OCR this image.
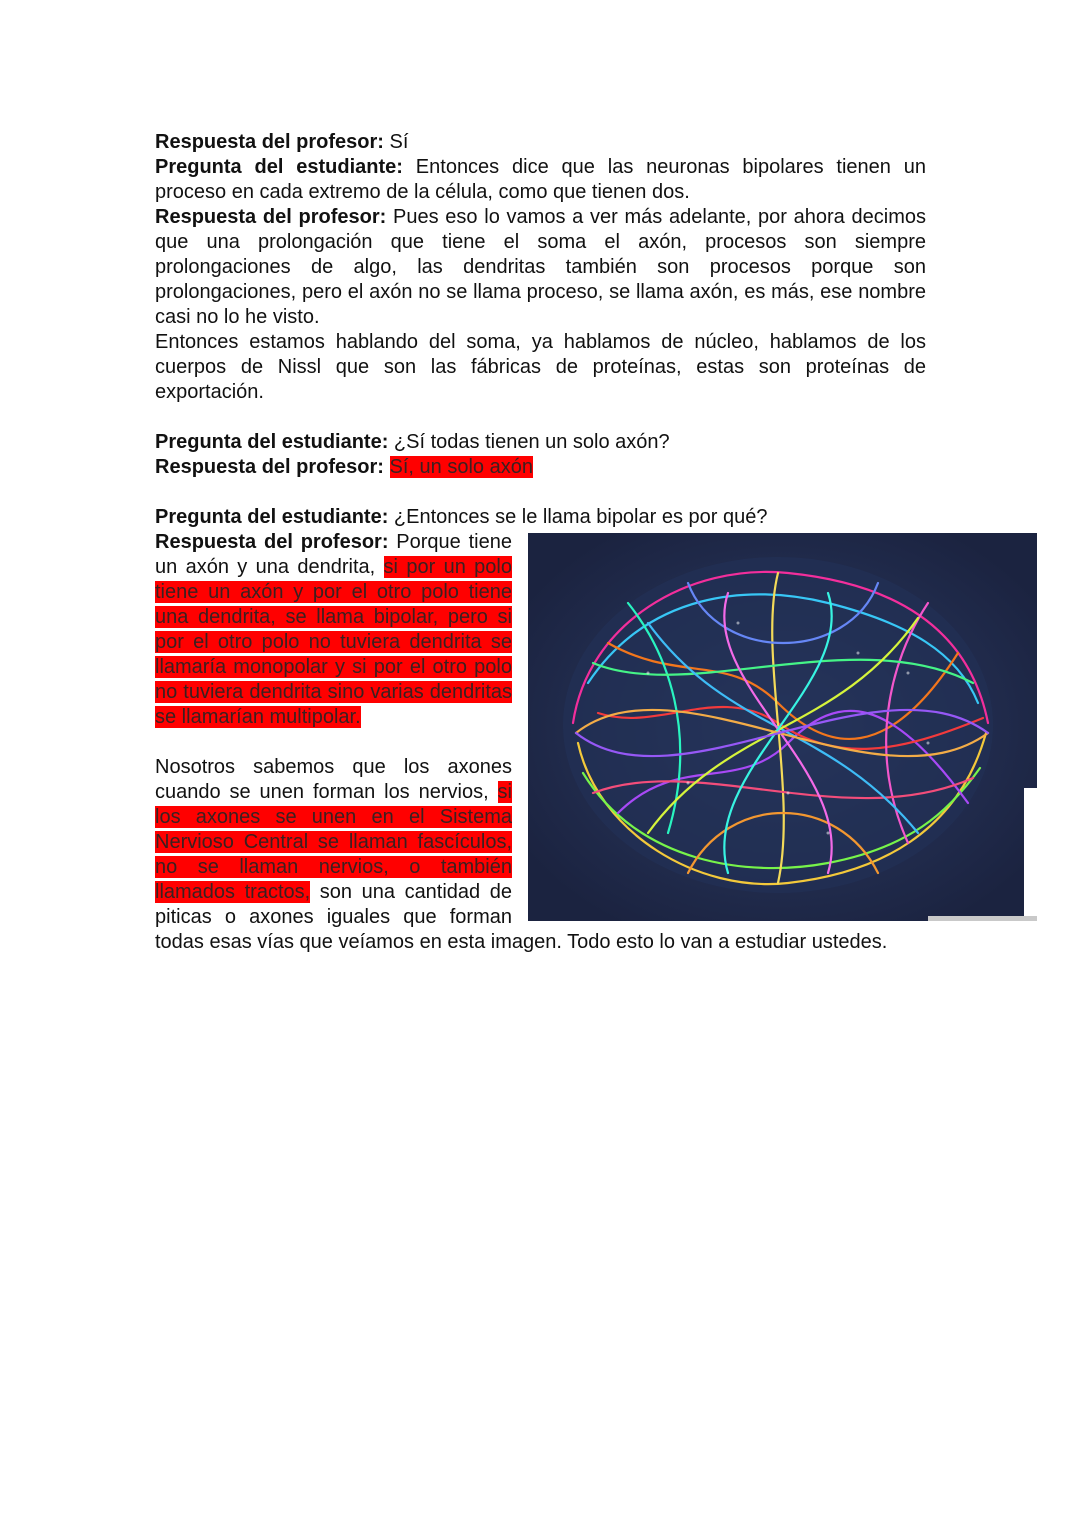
Respuesta del profesor: Sí

Pregunta del estudiante: Entonces dice que las neuronas bipolares tienen un proceso en cada extremo de la célula, como que tienen dos.

Respuesta del profesor: Pues eso lo vamos a ver más adelante, por ahora decimos que una prolongación que tiene el soma el axón, procesos son siempre prolongaciones de algo, las dendritas también son procesos porque son prolongaciones, pero el axón no se llama proceso, se llama axón, es más, ese nombre casi no lo he visto.

Entonces estamos hablando del soma, ya hablamos de núcleo, hablamos de los cuerpos de Nissl que son las fábricas de proteínas, estas son proteínas de exportación.

Pregunta del estudiante: ¿Sí todas tienen un solo axón?

Respuesta del profesor: Sí, un solo axón

Pregunta del estudiante: ¿Entonces se le llama bipolar es por qué?

Respuesta del profesor: Porque tiene un axón y una dendrita, si por un polo tiene un axón y por el otro polo tiene una dendrita, se llama bipolar, pero si por el otro polo no tuviera dendrita se llamaría monopolar y si por el otro polo no tuviera dendrita sino varias dendritas se llamarían multipolar.

Nosotros sabemos que los axones cuando se unen forman los nervios, si los axones se unen en el Sistema Nervioso Central se llaman fascículos, no se llaman nervios, o también llamados tractos, son una cantidad de piticas o axones iguales que forman todas esas vías que veíamos en esta imagen. Todo esto lo van a estudiar ustedes.
